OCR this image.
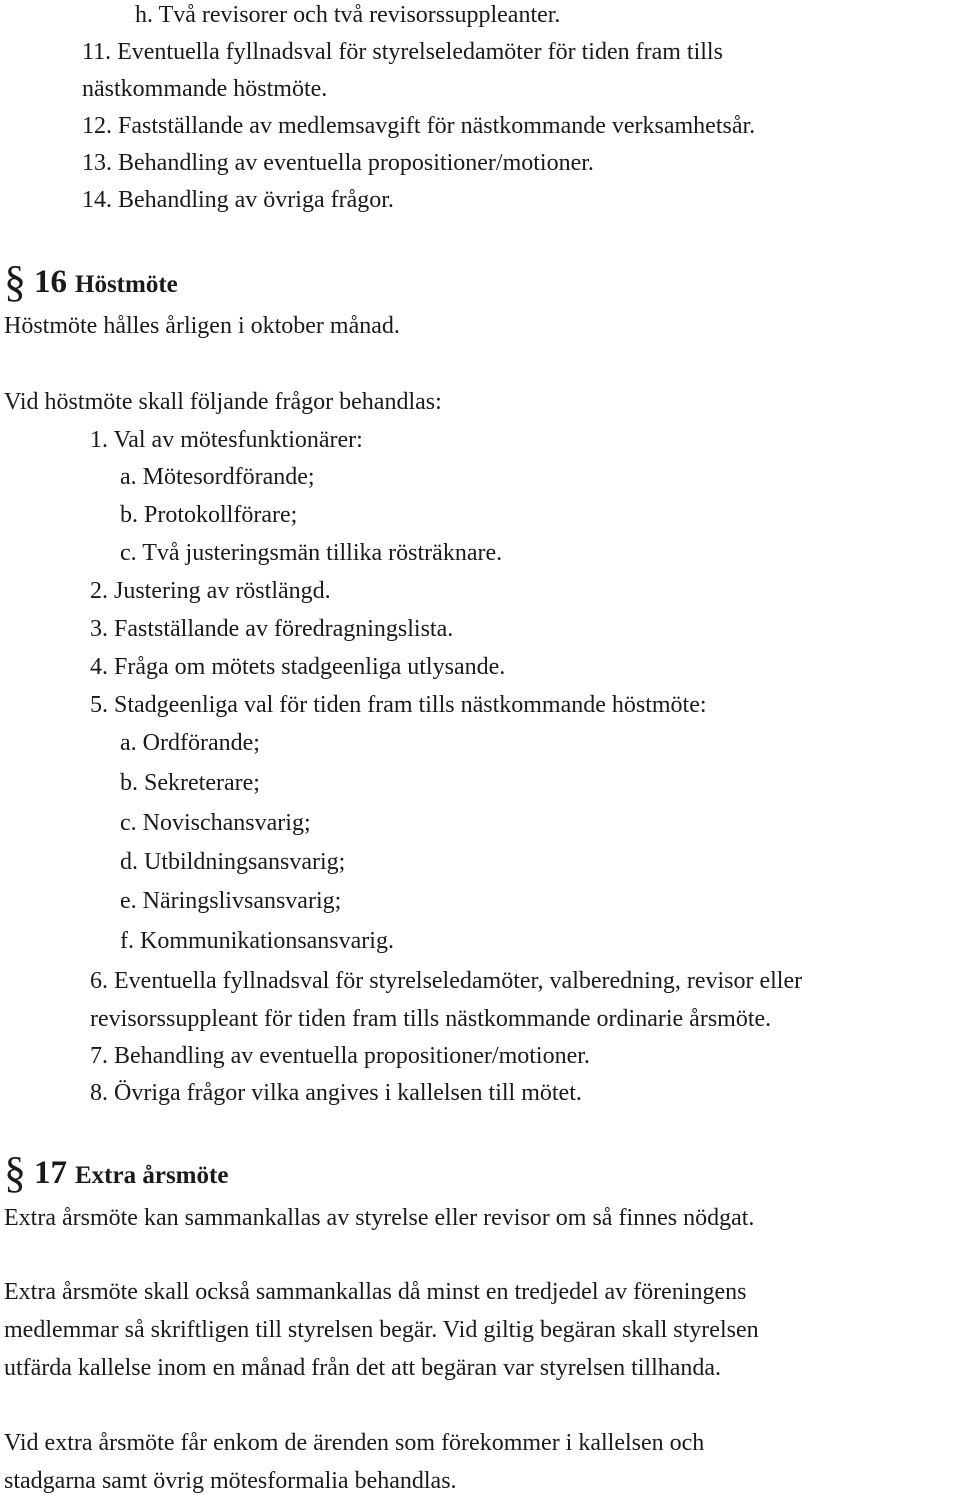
h. Två revisorer och två revisorssuppleanter.
11. Eventuella fyllnadsval för styrelseledamöter för tiden fram tills
nästkommande höstmöte.
12. Fastställande av medlemsavgift för nästkommande verksamhetsår.
13. Behandling av eventuella propositioner/motioner.
14. Behandling av övriga frågor.
§ 16 Höstmöte
Höstmöte hålles årligen i oktober månad.
Vid höstmöte skall följande frågor behandlas:
1. Val av mötesfunktionärer:
a. Mötesordförande;
b. Protokollförare;
c. Två justeringsmän tillika rösträknare.
2. Justering av röstlängd.
3. Fastställande av föredragningslista.
4. Fråga om mötets stadgeenliga utlysande.
5. Stadgeenliga val för tiden fram tills nästkommande höstmöte:
a. Ordförande;
b. Sekreterare;
c. Novischansvarig;
d. Utbildningsansvarig;
e. Näringslivsansvarig;
f. Kommunikationsansvarig.
6. Eventuella fyllnadsval för styrelseledamöter, valberedning, revisor eller
revisorssuppleant för tiden fram tills nästkommande ordinarie årsmöte.
7. Behandling av eventuella propositioner/motioner.
8. Övriga frågor vilka angives i kallelsen till mötet.
§ 17 Extra årsmöte
Extra årsmöte kan sammankallas av styrelse eller revisor om så finnes nödgat.
Extra årsmöte skall också sammankallas då minst en tredjedel av föreningens
medlemmar så skriftligen till styrelsen begär. Vid giltig begäran skall styrelsen
utfärda kallelse inom en månad från det att begäran var styrelsen tillhanda.
Vid extra årsmöte får enkom de ärenden som förekommer i kallelsen och
stadgarna samt övrig mötesformalia behandlas.
